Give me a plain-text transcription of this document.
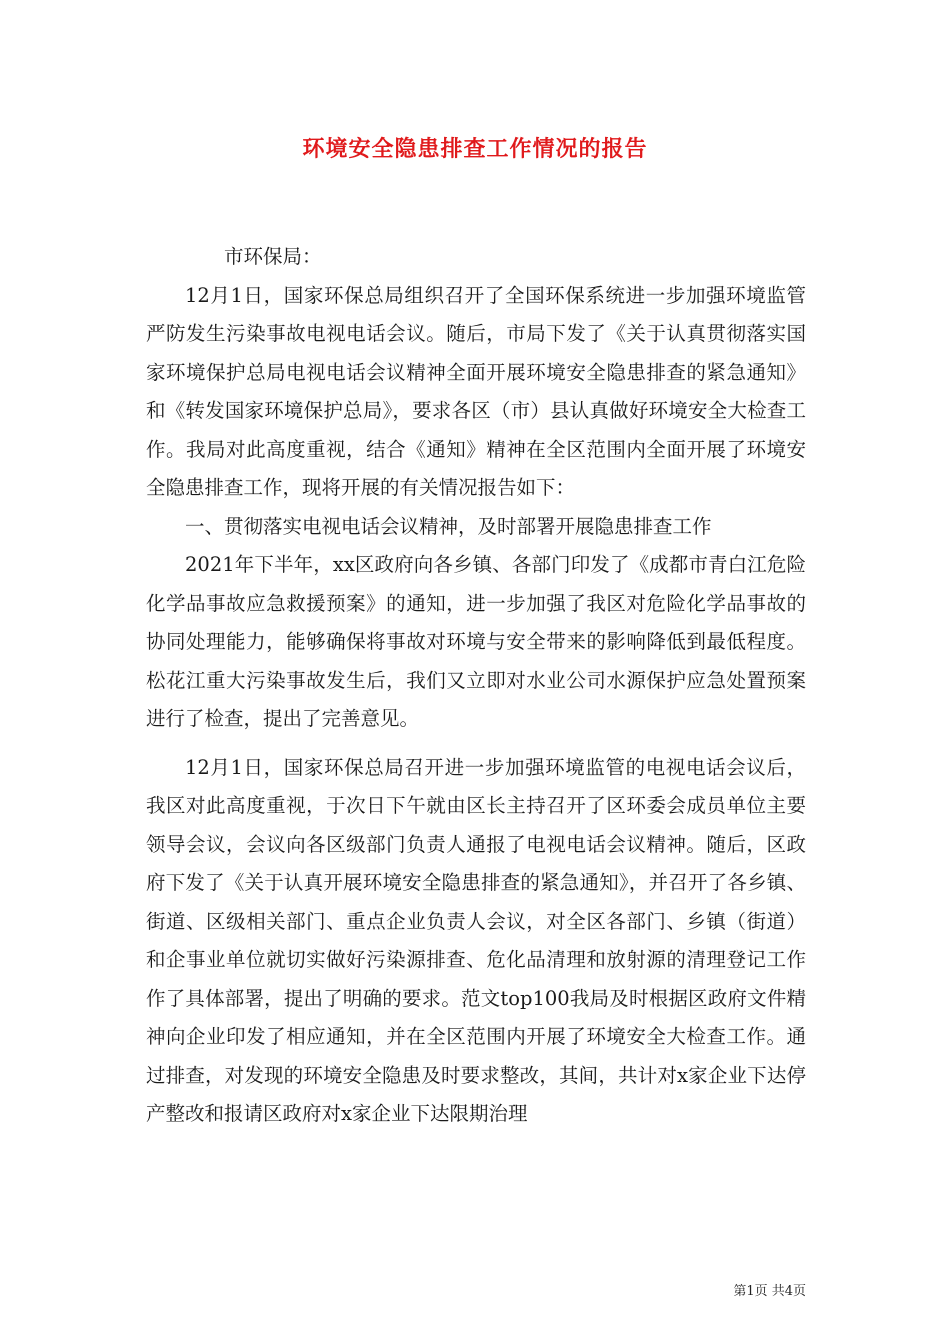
环境安全隐患排查工作情况的报告

市环保局：

12月1日，国家环保总局组织召开了全国环保系统进一步加强环境监管严防发生污染事故电视电话会议。随后，市局下发了《关于认真贯彻落实国家环境保护总局电视电话会议精神全面开展环境安全隐患排查的紧急通知》和《转发国家环境保护总局》，要求各区（市）县认真做好环境安全大检查工作。我局对此高度重视，结合《通知》精神在全区范围内全面开展了环境安全隐患排查工作，现将开展的有关情况报告如下：

一、贯彻落实电视电话会议精神，及时部署开展隐患排查工作

2021年下半年，xx区政府向各乡镇、各部门印发了《成都市青白江危险化学品事故应急救援预案》的通知，进一步加强了我区对危险化学品事故的协同处理能力，能够确保将事故对环境与安全带来的影响降低到最低程度。松花江重大污染事故发生后，我们又立即对水业公司水源保护应急处置预案进行了检查，提出了完善意见。

12月1日，国家环保总局召开进一步加强环境监管的电视电话会议后，我区对此高度重视，于次日下午就由区长主持召开了区环委会成员单位主要领导会议，会议向各区级部门负责人通报了电视电话会议精神。随后，区政府下发了《关于认真开展环境安全隐患排查的紧急通知》，并召开了各乡镇、街道、区级相关部门、重点企业负责人会议，对全区各部门、乡镇（街道）和企事业单位就切实做好污染源排查、危化品清理和放射源的清理登记工作作了具体部署，提出了明确的要求。范文top100我局及时根据区政府文件精神向企业印发了相应通知，并在全区范围内开展了环境安全大检查工作。通过排查，对发现的环境安全隐患及时要求整改，其间，共计对x家企业下达停产整改和报请区政府对x家企业下达限期治理

第1页 共4页
